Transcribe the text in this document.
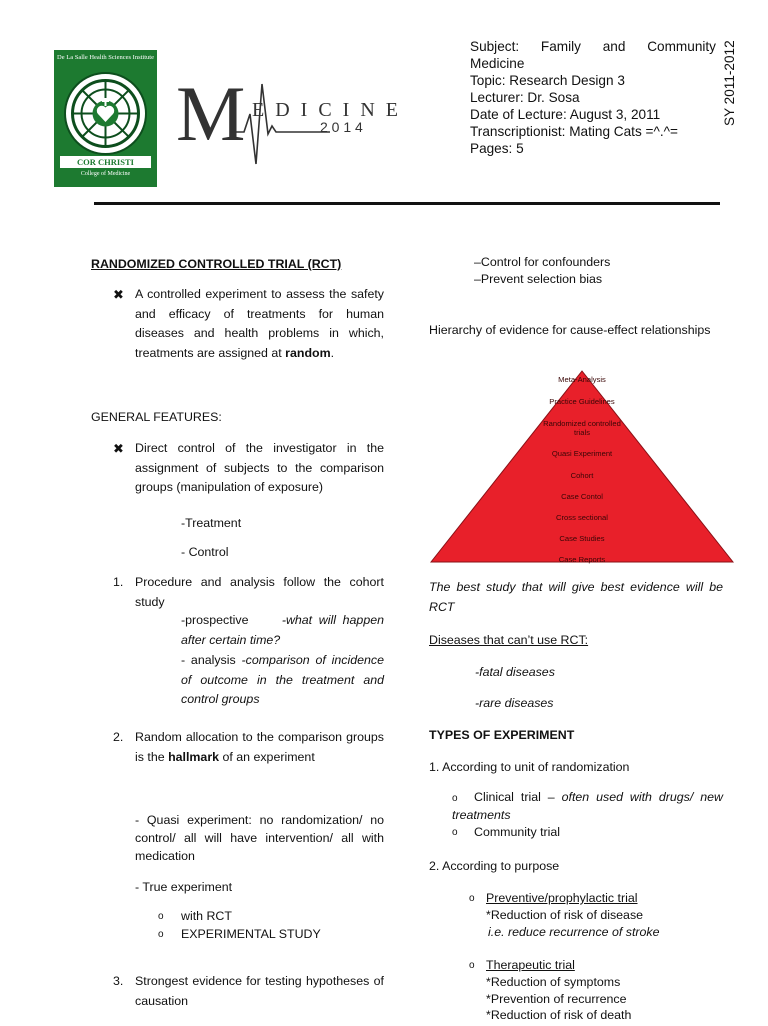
De La Salle Health Sciences Institute
COR CHRISTI
College of Medicine
M EDICINE
2 0 1 4
Subject: Family and Community
Medicine
Topic: Research Design 3
Lecturer: Dr. Sosa
Date of Lecture: August 3, 2011
Transcriptionist: Mating Cats =^.^=
Pages: 5
SY 2011-2012
RANDOMIZED CONTROLLED TRIAL (RCT)
✖ A controlled experiment to assess the safety and efficacy of treatments for human diseases and health problems in which, treatments are assigned at random.
GENERAL FEATURES:
✖ Direct control of the investigator in the assignment of subjects to the comparison groups (manipulation of exposure)
-Treatment
- Control
1. Procedure and analysis follow the cohort study
-prospective	-what will happen after certain time?
- analysis -comparison of incidence of outcome in the treatment and control groups
2. Random allocation to the comparison groups is the hallmark of an experiment
- Quasi experiment: no randomization/ no control/ all will have intervention/ all with medication
- True experiment
o with RCT
o EXPERIMENTAL STUDY
3. Strongest evidence for testing hypotheses of causation
–Control for confounders
–Prevent selection bias
Hierarchy of evidence for cause-effect relationships
Meta-Analysis
Practice Guidelines
Randomized controlled
trials
Quasi Experiment
Cohort
Case Contol
Cross sectional
Case Studies
Case Reports
The best study that will give best evidence will be RCT
Diseases that can’t use RCT:
-fatal diseases
-rare diseases
TYPES OF EXPERIMENT
1. According to unit of randomization
o	Clinical trial – often used with drugs/ new treatments
o Community trial
2. According to purpose
o Preventive/prophylactic trial
*Reduction of risk of disease
i.e. reduce recurrence of stroke
o Therapeutic trial
*Reduction of symptoms
*Prevention of recurrence
*Reduction of risk of death
